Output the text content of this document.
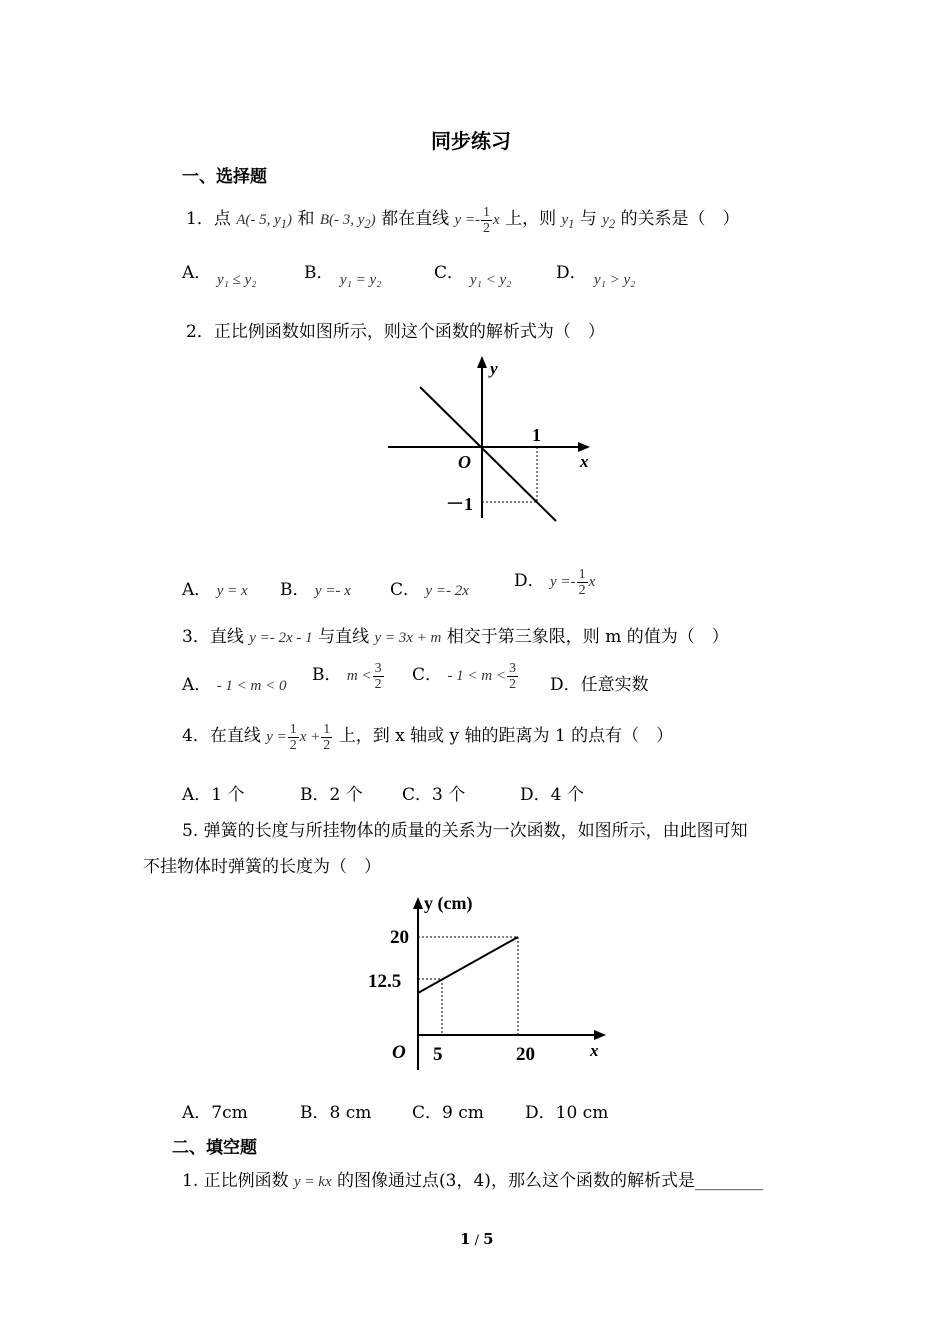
同步练习
一、选择题
1．点 A(- 5, $y_1$) 和 B(- 3, $y_2$) 都在直线 $y =- \frac{1}{2}$ x 上，则 $y_1$ 与 $y_2$ 的关系是（　）
A． y₁ ≤ y₂	B． y₁ = y₂	C． y₁ < y₂	D． y₁ > y₂
2．正比例函数如图所示，则这个函数的解析式为（　）
y
x
O
1
－1
A． y = x B． y =- x C． y =- 2x	D． $y =- \frac{1}{2}$ x
3．直线 y =- 2x - 1 与直线 y = 3x + m 相交于第三象限，则 m 的值为（　）
A． - 1 < m < 0
B． $m < \frac{3}{2}$ C． - $1 < m < \frac{3}{2}$ D．任意实数
4．在直线 $y = \frac{1}{2}$ $x + \frac{1}{2}$ 上，到 x 轴或 y 轴的距离为 1 的点有（　）
A．1 个	B．2 个 C．3 个	D．4 个
5. 弹簧的长度与所挂物体的质量的关系为一次函数，如图所示，由此图可知
不挂物体时弹簧的长度为（　）
y (cm)
x
O
20
12.5
5	20
A．7cm	B．8 cm C．9 cm D．10 cm
二、填空题
1. 正比例函数 y = kx 的图像通过点(3，4)，那么这个函数的解析式是________
1 / 5
